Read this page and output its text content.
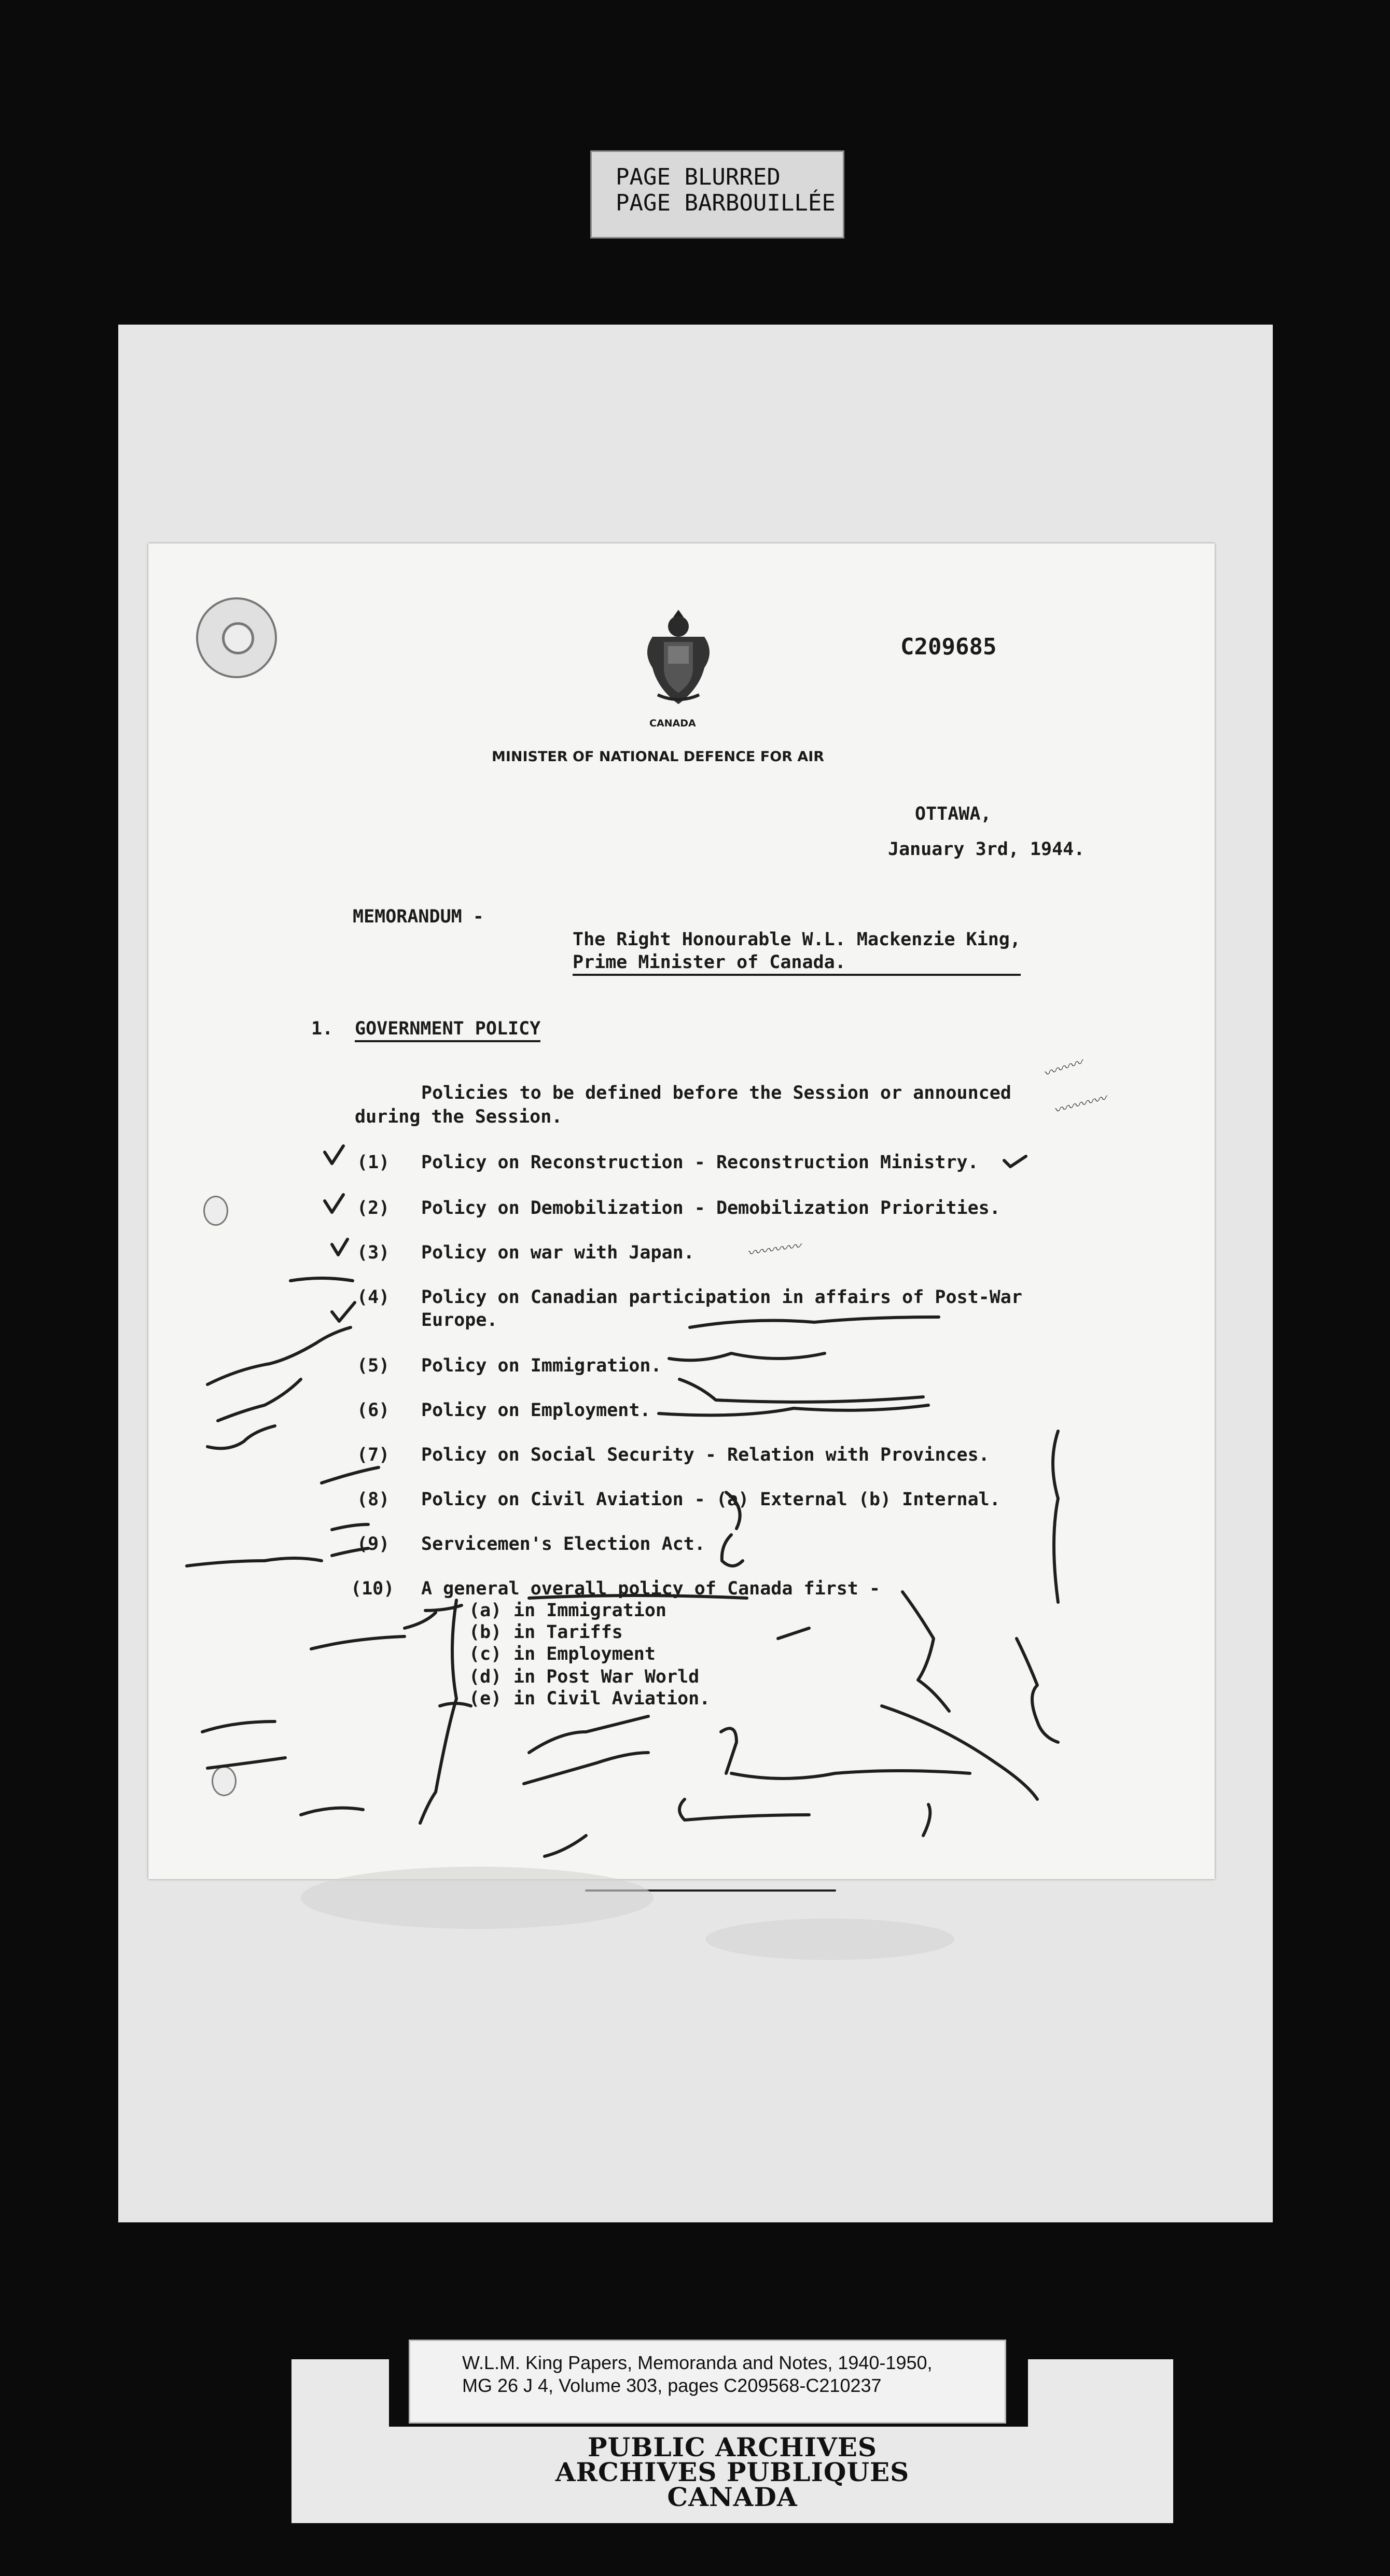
PAGE BLURRED
PAGE BARBOUILLÉE
CANADA
C209685
MINISTER OF NATIONAL DEFENCE FOR AIR
OTTAWA,
January 3rd, 1944.
MEMORANDUM -
The Right Honourable W.L. Mackenzie King,
Prime Minister of Canada.
1. GOVERNMENT POLICY
Policies to be defined before the Session or announced
during the Session.
(1) Policy on Reconstruction - Reconstruction Ministry.
(2) Policy on Demobilization - Demobilization Priorities.
(3) Policy on war with Japan.
(4) Policy on Canadian participation in affairs of Post-War
Europe.
(5) Policy on Immigration.
(6) Policy on Employment.
(7) Policy on Social Security - Relation with Provinces.
(8) Policy on Civil Aviation - (a) External (b) Internal.
(9) Servicemen's Election Act.
(10) A general overall policy of Canada first -
(a) in Immigration
(b) in Tariffs
(c) in Employment
(d) in Post War World
(e) in Civil Aviation.
〰〰〰
〰〰〰〰
〰〰〰〰
W.L.M. King Papers, Memoranda and Notes, 1940-1950,
MG 26 J 4, Volume 303, pages C209568-C210237
PUBLIC ARCHIVES
ARCHIVES PUBLIQUES
CANADA
